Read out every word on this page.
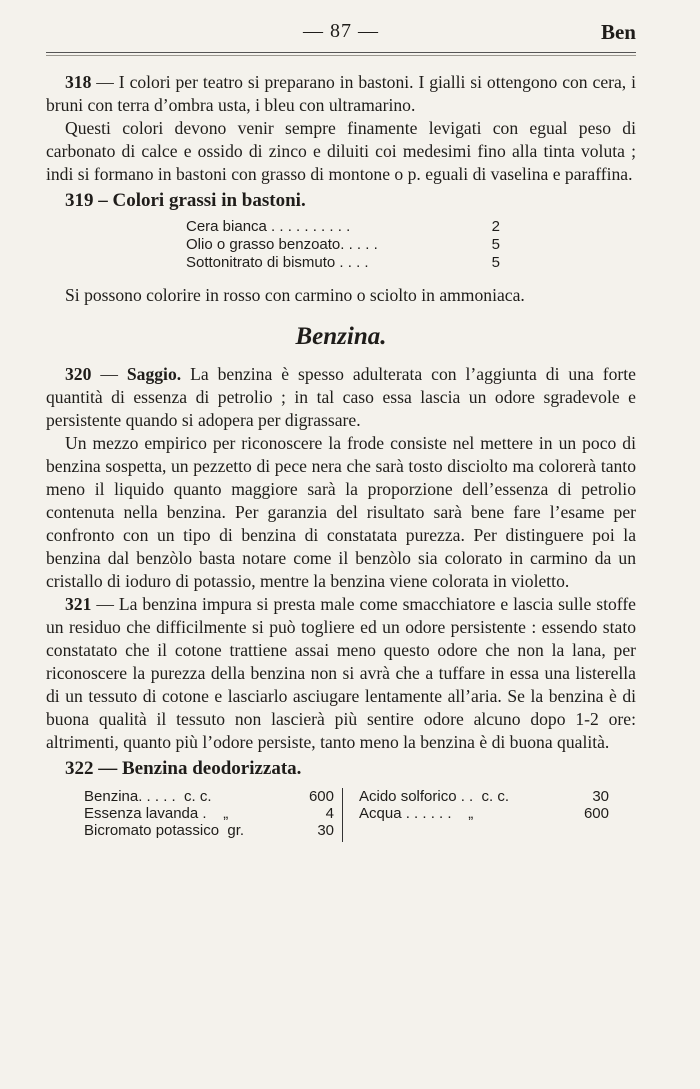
— 87 —	Ben

318 — I colori per teatro si preparano in bastoni. I gialli si ottengono con cera, i bruni con terra d’ombra usta, i bleu con ultramarino.

Questi colori devono venir sempre finamente levigati con egual peso di carbonato di calce e ossido di zinco e diluiti coi medesimi fino alla tinta voluta ; indi si formano in bastoni con grasso di montone o p. eguali di vaselina e paraffina.

319 – Colori grassi in bastoni.
Cera bianca . . . . . . . . . .	2
Olio o grasso benzoato. . . . .	5
Sottonitrato di bismuto . . . .	5

Si possono colorire in rosso con carmino o sciolto in ammoniaca.

Benzina.

320 — Saggio. La benzina è spesso adulterata con l’aggiunta di una forte quantità di essenza di petrolio ; in tal caso essa lascia un odore sgradevole e persistente quando si adopera per digrassare.

Un mezzo empirico per riconoscere la frode consiste nel mettere in un poco di benzina sospetta, un pezzetto di pece nera che sarà tosto disciolto ma colorerà tanto meno il liquido quanto maggiore sarà la proporzione dell’essenza di petrolio contenuta nella benzina. Per garanzia del risultato sarà bene fare l’esame per confronto con un tipo di benzina di constatata purezza. Per distinguere poi la benzina dal benzòlo basta notare come il benzòlo sia colorato in carmino da un cristallo di ioduro di potassio, mentre la benzina viene colorata in violetto.

321 — La benzina impura si presta male come smacchiatore e lascia sulle stoffe un residuo che difficilmente si può togliere ed un odore persistente : essendo stato constatato che il cotone trattiene assai meno questo odore che non la lana, per riconoscere la purezza della benzina non si avrà che a tuffare in essa una listerella di un tessuto di cotone e lasciarlo asciugare lentamente all’aria. Se la benzina è di buona qualità il tessuto non lascierà più sentire odore alcuno dopo 1-2 ore: altrimenti, quanto più l’odore persiste, tanto meno la benzina è di buona qualità.

322 — Benzina deodorizzata.
Benzina. . . . .  c. c.	600
Essenza lavanda .    „	4
Bicromato potassico  gr.	30
Acido solforico . .  c. c.	30
Acqua . . . . . .    „	600
